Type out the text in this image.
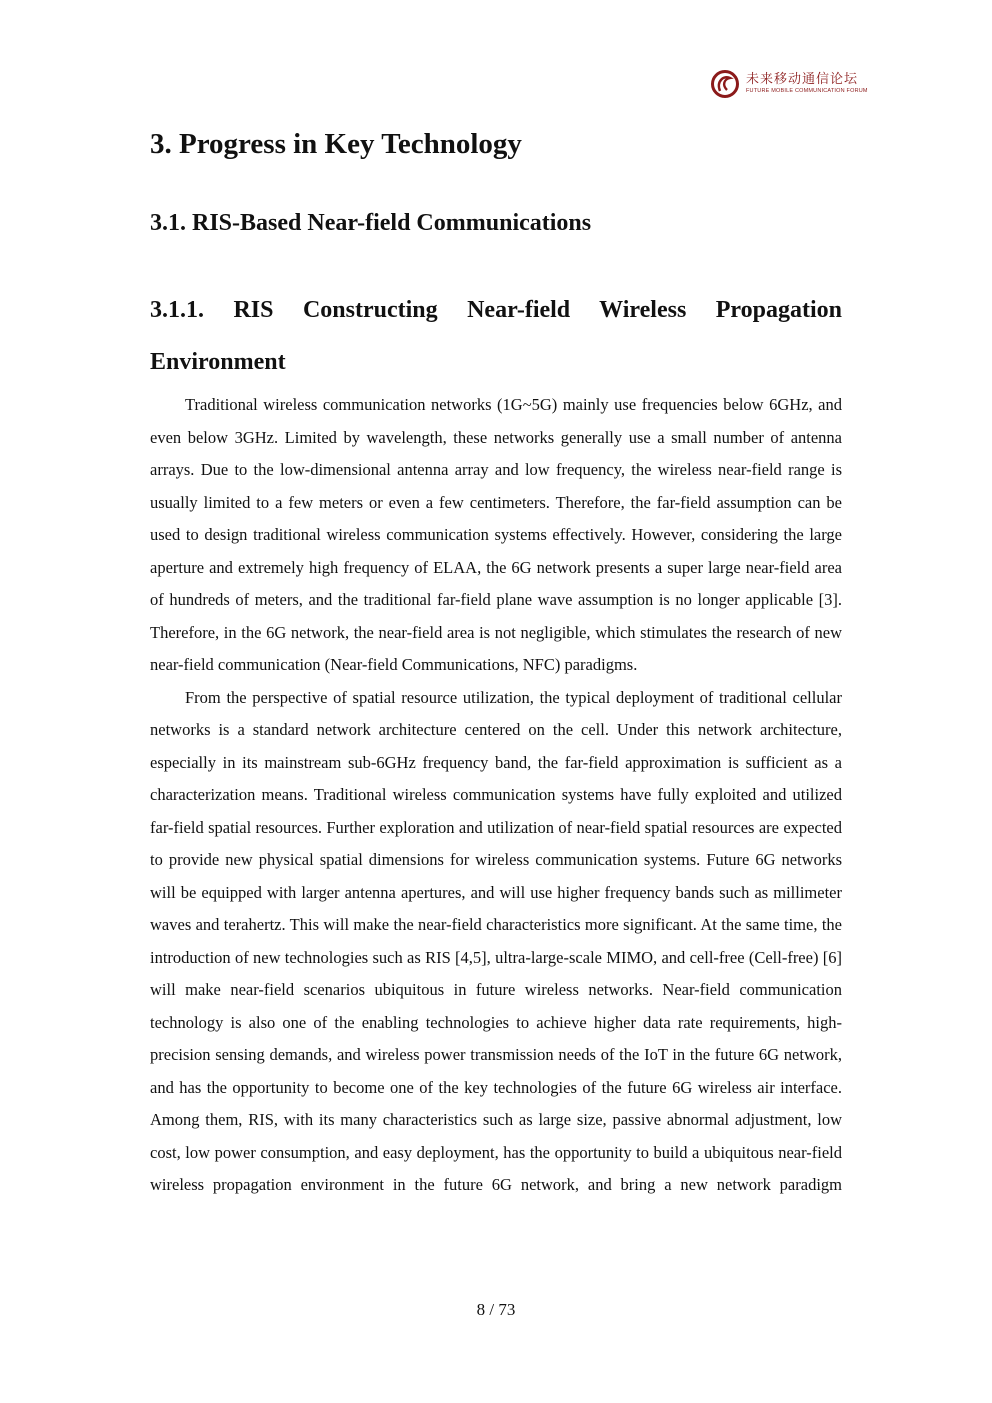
未来移动通信论坛
FUTURE MOBILE COMMUNICATION FORUM
3. Progress in Key Technology
3.1. RIS-Based Near-field Communications
3.1.1. RIS Constructing Near-field Wireless Propagation
Environment

Traditional wireless communication networks (1G~5G) mainly use frequencies below 6GHz, and even below 3GHz. Limited by wavelength, these networks generally use a small number of antenna arrays. Due to the low-dimensional antenna array and low frequency, the wireless near-field range is usually limited to a few meters or even a few centimeters. Therefore, the far-field assumption can be used to design traditional wireless communication systems effectively. However, considering the large aperture and extremely high frequency of ELAA, the 6G network presents a super large near-field area of hundreds of meters, and the traditional far-field plane wave assumption is no longer applicable [3]. Therefore, in the 6G network, the near-field area is not negligible, which stimulates the research of new near-field communication (Near-field Communications, NFC) paradigms.

From the perspective of spatial resource utilization, the typical deployment of traditional cellular networks is a standard network architecture centered on the cell. Under this network architecture, especially in its mainstream sub-6GHz frequency band, the far-field approximation is sufficient as a characterization means. Traditional wireless communication systems have fully exploited and utilized far-field spatial resources. Further exploration and utilization of near-field spatial resources are expected to provide new physical spatial dimensions for wireless communication systems. Future 6G networks will be equipped with larger antenna apertures, and will use higher frequency bands such as millimeter waves and terahertz. This will make the near-field characteristics more significant. At the same time, the introduction of new technologies such as RIS [4,5], ultra-large-scale MIMO, and cell-free (Cell-free) [6] will make near-field scenarios ubiquitous in future wireless networks. Near-field communication technology is also one of the enabling technologies to achieve higher data rate requirements, high-precision sensing demands, and wireless power transmission needs of the IoT in the future 6G network, and has the opportunity to become one of the key technologies of the future 6G wireless air interface. Among them, RIS, with its many characteristics such as large size, passive abnormal adjustment, low cost, low power consumption, and easy deployment, has the opportunity to build a ubiquitous near-field wireless propagation environment in the future 6G network, and bring a new network paradigm

8 / 73
